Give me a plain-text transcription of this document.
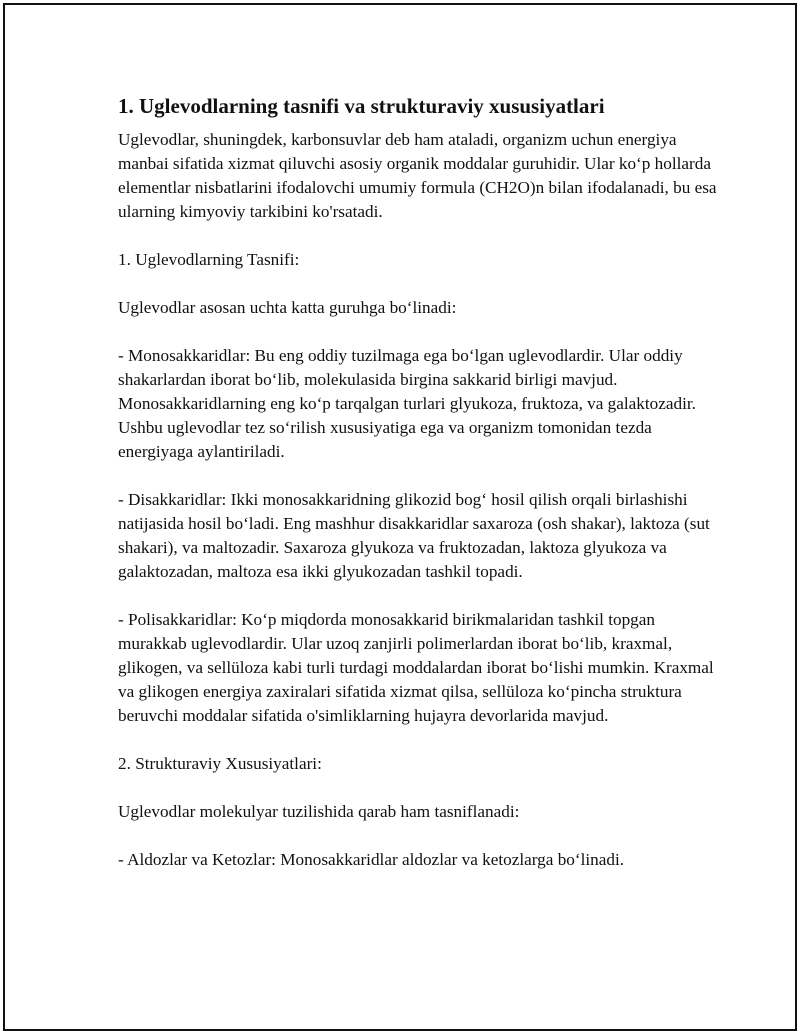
1. Uglevodlarning tasnifi va strukturaviy xususiyatlari

Uglevodlar, shuningdek, karbonsuvlar deb ham ataladi, organizm uchun energiya manbai sifatida xizmat qiluvchi asosiy organik moddalar guruhidir. Ular ko‘p hollarda elementlar nisbatlarini ifodalovchi umumiy formula (CH2O)n bilan ifodalanadi, bu esa ularning kimyoviy tarkibini ko'rsatadi.

1. Uglevodlarning Tasnifi:

Uglevodlar asosan uchta katta guruhga bo‘linadi:

- Monosakkaridlar: Bu eng oddiy tuzilmaga ega bo‘lgan uglevodlardir. Ular oddiy shakarlardan iborat bo‘lib, molekulasida birgina sakkarid birligi mavjud. Monosakkaridlarning eng ko‘p tarqalgan turlari glyukoza, fruktoza, va galaktozadir. Ushbu uglevodlar tez so‘rilish xususiyatiga ega va organizm tomonidan tezda energiyaga aylantiriladi.

- Disakkaridlar: Ikki monosakkaridning glikozid bog‘ hosil qilish orqali birlashishi natijasida hosil bo‘ladi. Eng mashhur disakkaridlar saxaroza (osh shakar), laktoza (sut shakari), va maltozadir. Saxaroza glyukoza va fruktozadan, laktoza glyukoza va galaktozadan, maltoza esa ikki glyukozadan tashkil topadi.

- Polisakkaridlar: Ko‘p miqdorda monosakkarid birikmalaridan tashkil topgan murakkab uglevodlardir. Ular uzoq zanjirli polimerlardan iborat bo‘lib, kraxmal, glikogen, va sellüloza kabi turli turdagi moddalardan iborat bo‘lishi mumkin. Kraxmal va glikogen energiya zaxiralari sifatida xizmat qilsa, sellüloza ko‘pincha struktura beruvchi moddalar sifatida o'simliklarning hujayra devorlarida mavjud.

2. Strukturaviy Xususiyatlari:

Uglevodlar molekulyar tuzilishida qarab ham tasniflanadi:

- Aldozlar va Ketozlar: Monosakkaridlar aldozlar va ketozlarga bo‘linadi.
